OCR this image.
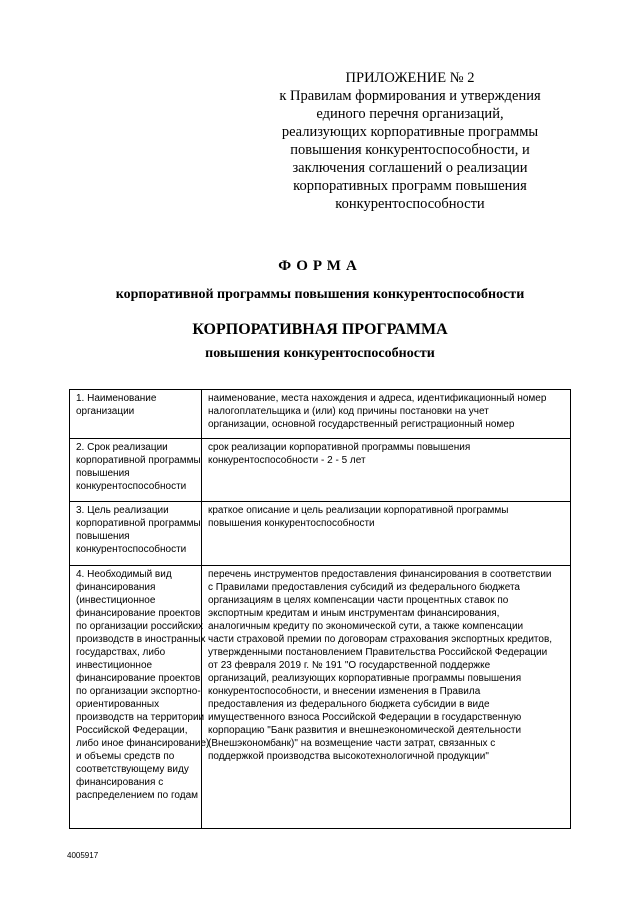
ПРИЛОЖЕНИЕ № 2
к Правилам формирования и утверждения
единого перечня организаций,
реализующих корпоративные программы
повышения конкурентоспособности, и
заключения соглашений о реализации
корпоративных программ повышения
конкурентоспособности
ФОРМА
корпоративной программы повышения конкурентоспособности
КОРПОРАТИВНАЯ ПРОГРАММА
повышения конкурентоспособности
1. Наименование
организации
наименование, места нахождения и адреса, идентификационный номер
налогоплательщика и (или) код причины постановки на учет
организации, основной государственный регистрационный номер
2. Срок реализации
корпоративной программы
повышения
конкурентоспособности
срок реализации корпоративной программы повышения
конкурентоспособности - 2 - 5 лет
3. Цель реализации
корпоративной программы
повышения
конкурентоспособности
краткое описание и цель реализации корпоративной программы
повышения конкурентоспособности
4. Необходимый вид
финансирования
(инвестиционное
финансирование проектов
по организации российских
производств в иностранных
государствах, либо
инвестиционное
финансирование проектов
по организации экспортно-
ориентированных
производств на территории
Российской Федерации,
либо иное финансирование)
и объемы средств по
соответствующему виду
финансирования с
распределением по годам
перечень инструментов предоставления финансирования в соответствии
с Правилами предоставления субсидий из федерального бюджета
организациям в целях компенсации части процентных ставок по
экспортным кредитам и иным инструментам финансирования,
аналогичным кредиту по экономической сути, а также компенсации
части страховой премии по договорам страхования экспортных кредитов,
утвержденными постановлением Правительства Российской Федерации
от 23 февраля 2019 г. № 191 "О государственной поддержке
организаций, реализующих корпоративные программы повышения
конкурентоспособности, и внесении изменения в Правила
предоставления из федерального бюджета субсидии в виде
имущественного взноса Российской Федерации в государственную
корпорацию "Банк развития и внешнеэкономической деятельности
(Внешэкономбанк)" на возмещение части затрат, связанных с
поддержкой производства высокотехнологичной продукции"
4005917
